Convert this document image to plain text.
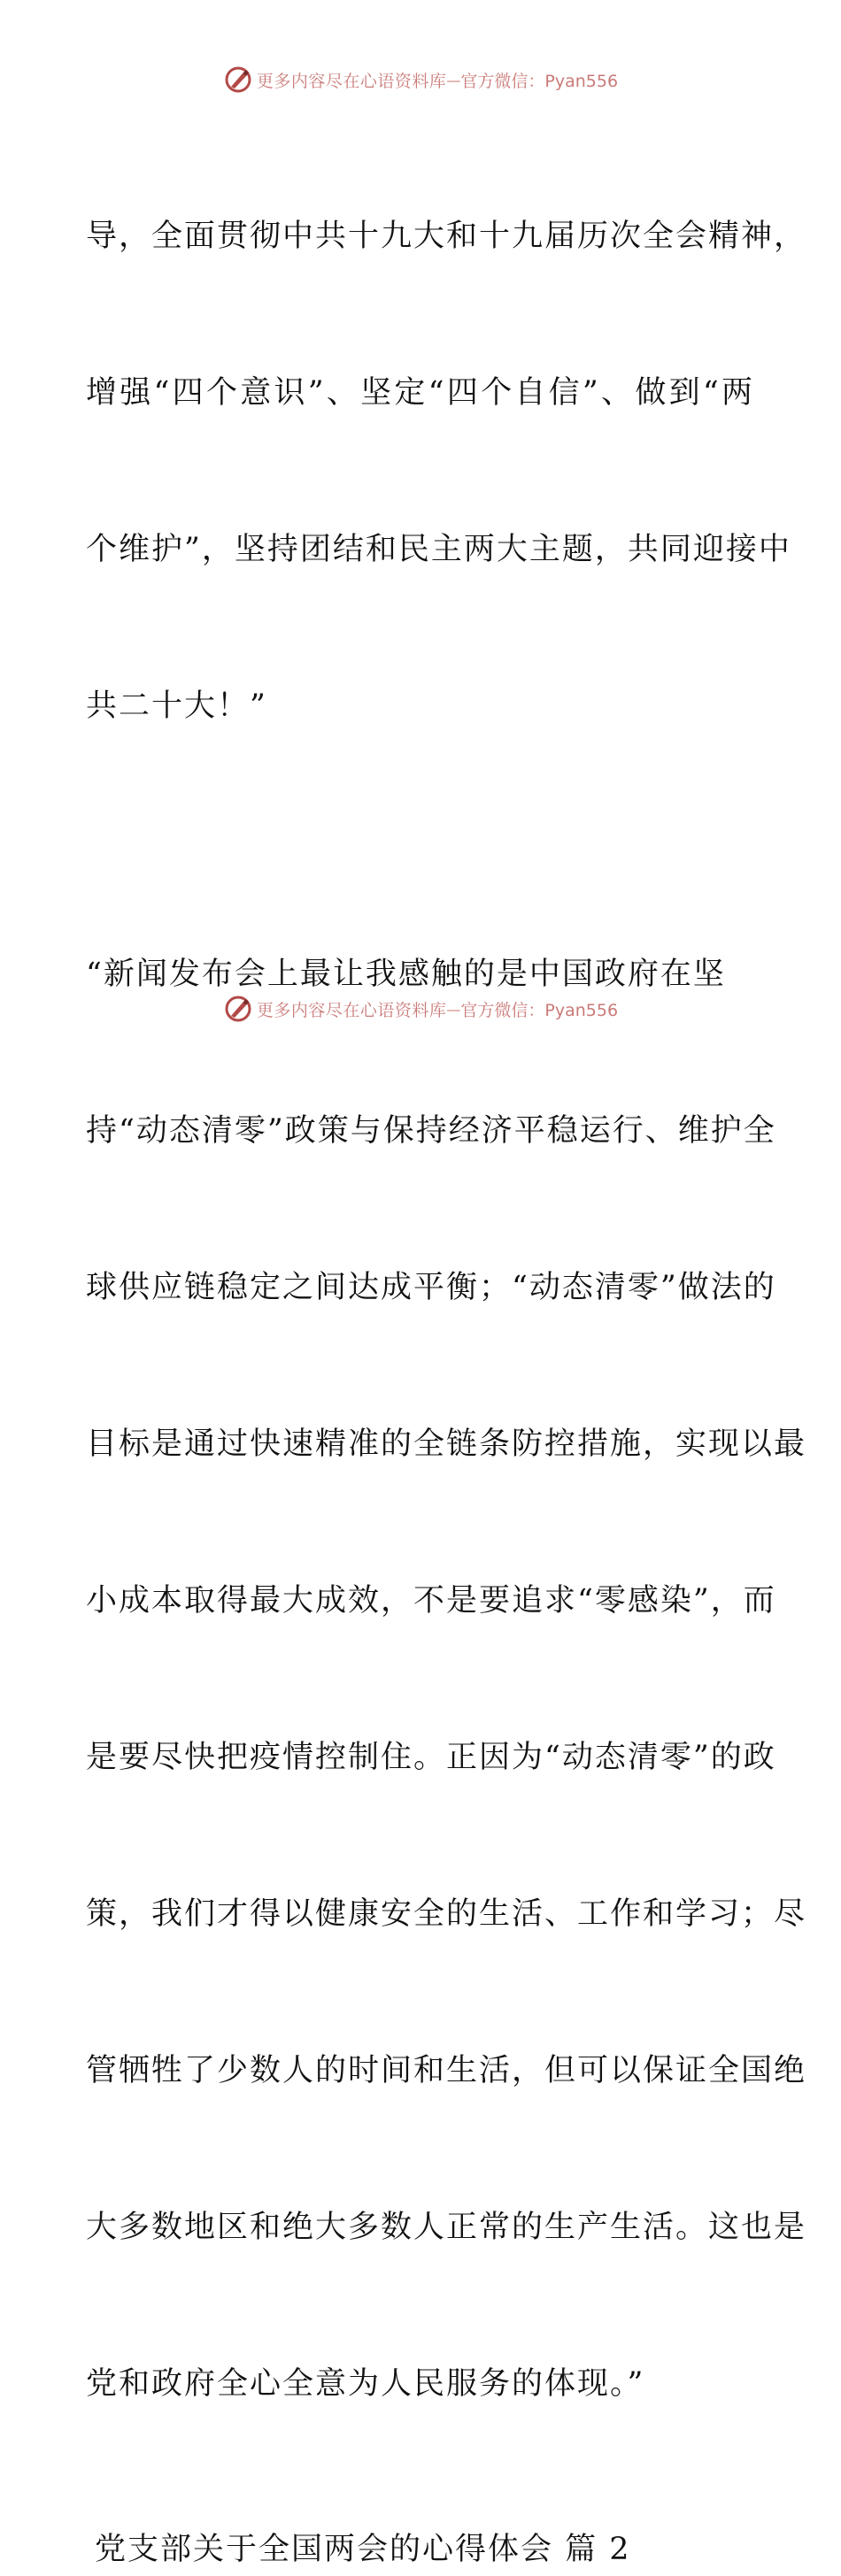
更多内容尽在心语资料库 — 官方微信：Pyan556

导，全面贯彻中共十九大和十九届历次全会精神，

增强“四个意识”、坚定“四个自信”、做到“两

个维护”，坚持团结和民主两大主题，共同迎接中

共二十大！”

“新闻发布会上最让我感触的是中国政府在坚

持“动态清零”政策与保持经济平稳运行、维护全

球供应链稳定之间达成平衡；“动态清零”做法的

目标是通过快速精准的全链条防控措施，实现以最

小成本取得最大成效，不是要追求“零感染”，而

是要尽快把疫情控制住。正因为“动态清零”的政

策，我们才得以健康安全的生活、工作和学习；尽

管牺牲了少数人的时间和生活，但可以保证全国绝

大多数地区和绝大多数人正常的生产生活。这也是

党和政府全心全意为人民服务的体现。”

党支部关于全国两会的心得体会 篇 2
更多内容尽在心语资料库 — 官方微信：Pyan556
